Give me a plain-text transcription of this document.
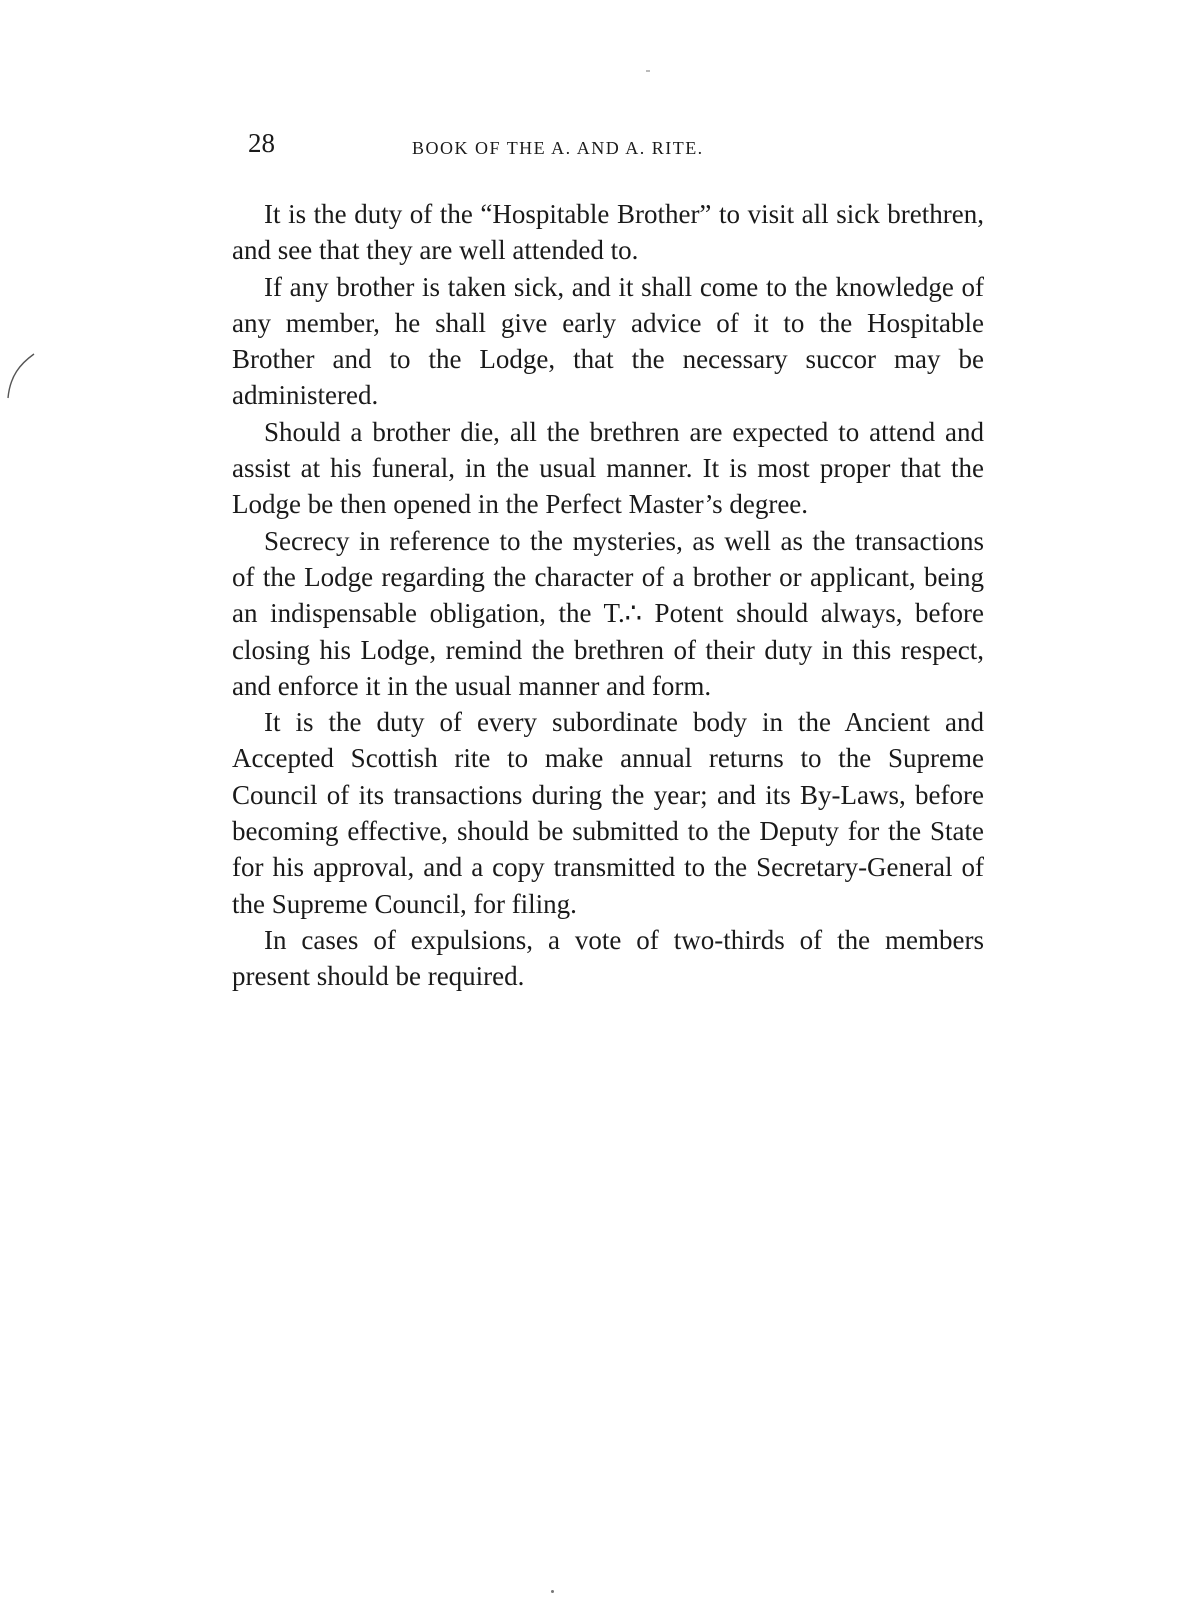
28	BOOK OF THE A. AND A. RITE.

It is the duty of the “Hospitable Brother” to visit all sick brethren, and see that they are well attended to.

If any brother is taken sick, and it shall come to the knowledge of any member, he shall give early advice of it to the Hospitable Brother and to the Lodge, that the necessary succor may be administered.

Should a brother die, all the brethren are expected to attend and assist at his funeral, in the usual manner. It is most proper that the Lodge be then opened in the Perfect Master’s degree.

Secrecy in reference to the mysteries, as well as the transactions of the Lodge regarding the character of a brother or applicant, being an indispensable obligation, the T.∴ Potent should always, before closing his Lodge, remind the brethren of their duty in this respect, and enforce it in the usual manner and form.

It is the duty of every subordinate body in the Ancient and Accepted Scottish rite to make annual returns to the Supreme Council of its transactions during the year; and its By-Laws, before becoming effective, should be submitted to the Deputy for the State for his approval, and a copy transmitted to the Secretary-General of the Supreme Council, for filing.

In cases of expulsions, a vote of two-thirds of the members present should be required.
